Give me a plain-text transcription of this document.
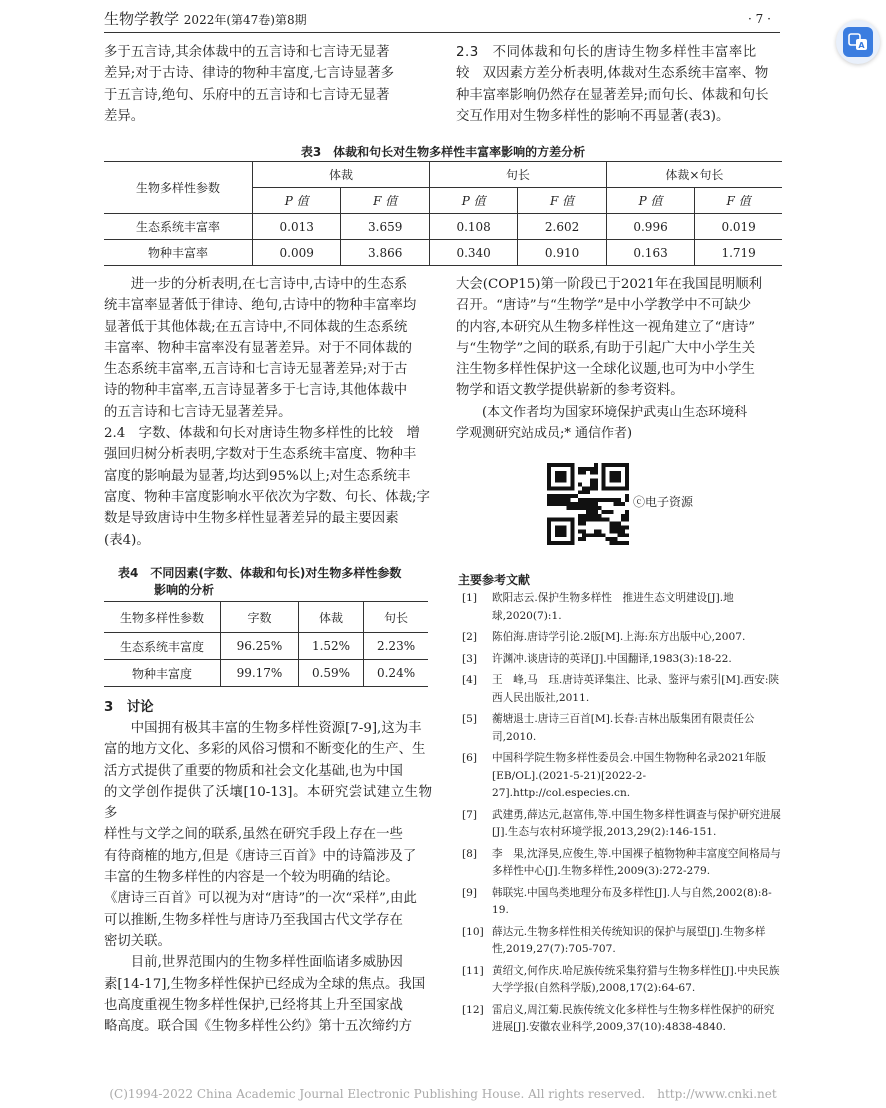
生物学教学 2022年(第47卷)第8期	· 7 ·
A

多于五言诗,其余体裁中的五言诗和七言诗无显著

差异;对于古诗、律诗的物种丰富度,七言诗显著多

于五言诗,绝句、乐府中的五言诗和七言诗无显著

差异。

2.3　不同体裁和句长的唐诗生物多样性丰富率比

较　双因素方差分析表明,体裁对生态系统丰富率、物

种丰富率影响仍然存在显著差异;而句长、体裁和句长

交互作用对生物多样性的影响不再显著(表3)。

表3　体裁和句长对生物多样性丰富率影响的方差分析
生物多样性参数	体裁		句长		体裁×句长	
	P 值	F 值	P 值	F 值	P 值	F 值
生态系统丰富率	0.013	3.659	0.108	2.602	0.996	0.019
物种丰富率	0.009	3.866	0.340	0.910	0.163	1.719

进一步的分析表明,在七言诗中,古诗中的生态系

统丰富率显著低于律诗、绝句,古诗中的物种丰富率均

显著低于其他体裁;在五言诗中,不同体裁的生态系统

丰富率、物种丰富率没有显著差异。对于不同体裁的

生态系统丰富率,五言诗和七言诗无显著差异;对于古

诗的物种丰富率,五言诗显著多于七言诗,其他体裁中

的五言诗和七言诗无显著差异。

2.4　字数、体裁和句长对唐诗生物多样性的比较　增

强回归树分析表明,字数对于生态系统丰富度、物种丰

富度的影响最为显著,均达到95%以上;对生态系统丰

富度、物种丰富度影响水平依次为字数、句长、体裁;字

数是导致唐诗中生物多样性显著差异的最主要因素

(表4)。

表4　不同因素(字数、体裁和句长)对生物多样性参数
影响的分析
生物多样性参数	字数	体裁	句长
生态系统丰富度	96.25%	1.52%	2.23%
物种丰富度	99.17%	0.59%	0.24%
3　讨论

中国拥有极其丰富的生物多样性资源[7-9],这为丰

富的地方文化、多彩的风俗习惯和不断变化的生产、生

活方式提供了重要的物质和社会文化基础,也为中国

的文学创作提供了沃壤[10-13]。本研究尝试建立生物多

样性与文学之间的联系,虽然在研究手段上存在一些

有待商榷的地方,但是《唐诗三百首》中的诗篇涉及了

丰富的生物多样性的内容是一个较为明确的结论。

《唐诗三百首》可以视为对“唐诗”的一次“采样”,由此

可以推断,生物多样性与唐诗乃至我国古代文学存在

密切关联。

目前,世界范围内的生物多样性面临诸多威胁因

素[14-17],生物多样性保护已经成为全球的焦点。我国

也高度重视生物多样性保护,已经将其上升至国家战

略高度。联合国《生物多样性公约》第十五次缔约方

大会(COP15)第一阶段已于2021年在我国昆明顺利

召开。“唐诗”与“生物学”是中小学教学中不可缺少

的内容,本研究从生物多样性这一视角建立了“唐诗”

与“生物学”之间的联系,有助于引起广大中小学生关

注生物多样性保护这一全球化议题,也可为中小学生

物学和语文教学提供崭新的参考资料。

(本文作者均为国家环境保护武夷山生态环境科

学观测研究站成员;* 通信作者)

ⓒ电子资源
主要参考文献
[1] 欧阳志云.保护生物多样性　推进生态文明建设[J].地球,2020(7):1.
[2] 陈伯海.唐诗学引论.2版[M].上海:东方出版中心,2007.
[3] 许渊冲.谈唐诗的英译[J].中国翻译,1983(3):18-22.
[4] 王　峰,马　珏.唐诗英译集注、比录、鉴评与索引[M].西安:陕西人民出版社,2011.
[5] 蘅塘退士.唐诗三百首[M].长春:吉林出版集团有限责任公司,2010.
[6] 中国科学院生物多样性委员会.中国生物物种名录2021年版[EB/OL].(2021-5-21)[2022-2-27].http://col.especies.cn.
[7] 武建勇,薛达元,赵富伟,等.中国生物多样性调查与保护研究进展[J].生态与农村环境学报,2013,29(2):146-151.
[8] 李　果,沈泽昊,应俊生,等.中国裸子植物物种丰富度空间格局与多样性中心[J].生物多样性,2009(3):272-279.
[9] 韩联宪.中国鸟类地理分布及多样性[J].人与自然,2002(8):8-19.
[10] 薛达元.生物多样性相关传统知识的保护与展望[J].生物多样性,2019,27(7):705-707.
[11] 黄绍文,何作庆.哈尼族传统采集狩猎与生物多样性[J].中央民族大学学报(自然科学版),2008,17(2):64-67.
[12] 雷启义,周江菊.民族传统文化多样性与生物多样性保护的研究进展[J].安徽农业科学,2009,37(10):4838-4840.
(C)1994-2022 China Academic Journal Electronic Publishing House. All rights reserved.　http://www.cnki.net
